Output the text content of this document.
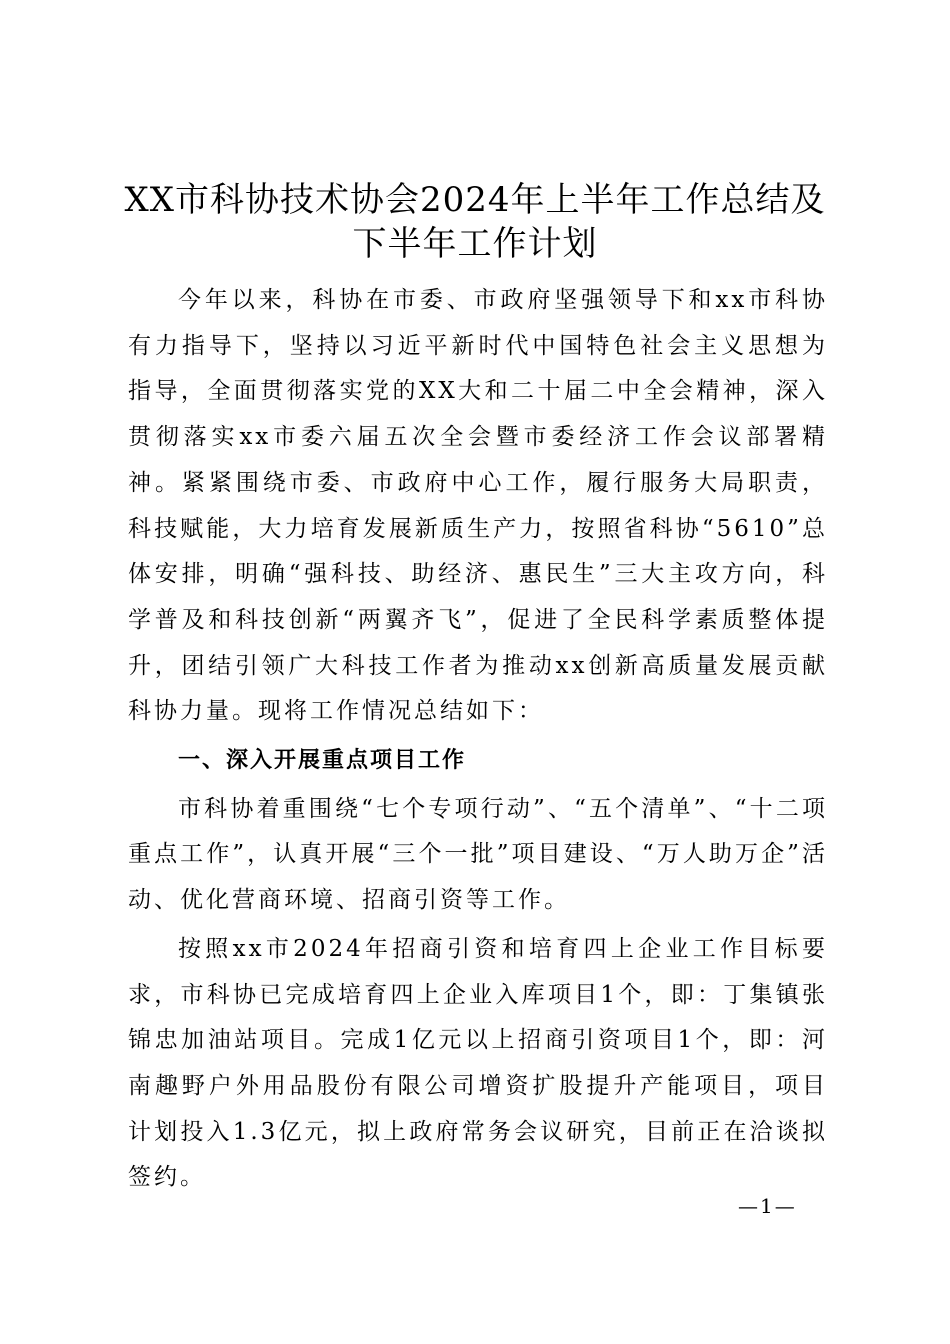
XX市科协技术协会2024年上半年工作总结及
下半年工作计划

今年以来，科协在市委、市政府坚强领导下和xx市科协有力指导下，坚持以习近平新时代中国特色社会主义思想为指导，全面贯彻落实党的XX大和二十届二中全会精神，深入贯彻落实xx市委六届五次全会暨市委经济工作会议部署精神。紧紧围绕市委、市政府中心工作，履行服务大局职责，科技赋能，大力培育发展新质生产力，按照省科协“5610”总体安排，明确“强科技、助经济、惠民生”三大主攻方向，科学普及和科技创新“两翼齐飞”，促进了全民科学素质整体提升，团结引领广大科技工作者为推动xx创新高质量发展贡献科协力量。现将工作情况总结如下：

一、深入开展重点项目工作

市科协着重围绕“七个专项行动”、“五个清单”、“十二项重点工作”，认真开展“三个一批”项目建设、“万人助万企”活动、优化营商环境、招商引资等工作。

按照xx市2024年招商引资和培育四上企业工作目标要求，市科协已完成培育四上企业入库项目1个，即：丁集镇张锦忠加油站项目。完成1亿元以上招商引资项目1个，即：河南趣野户外用品股份有限公司增资扩股提升产能项目，项目计划投入1.3亿元，拟上政府常务会议研究，目前正在洽谈拟签约。

—1—
